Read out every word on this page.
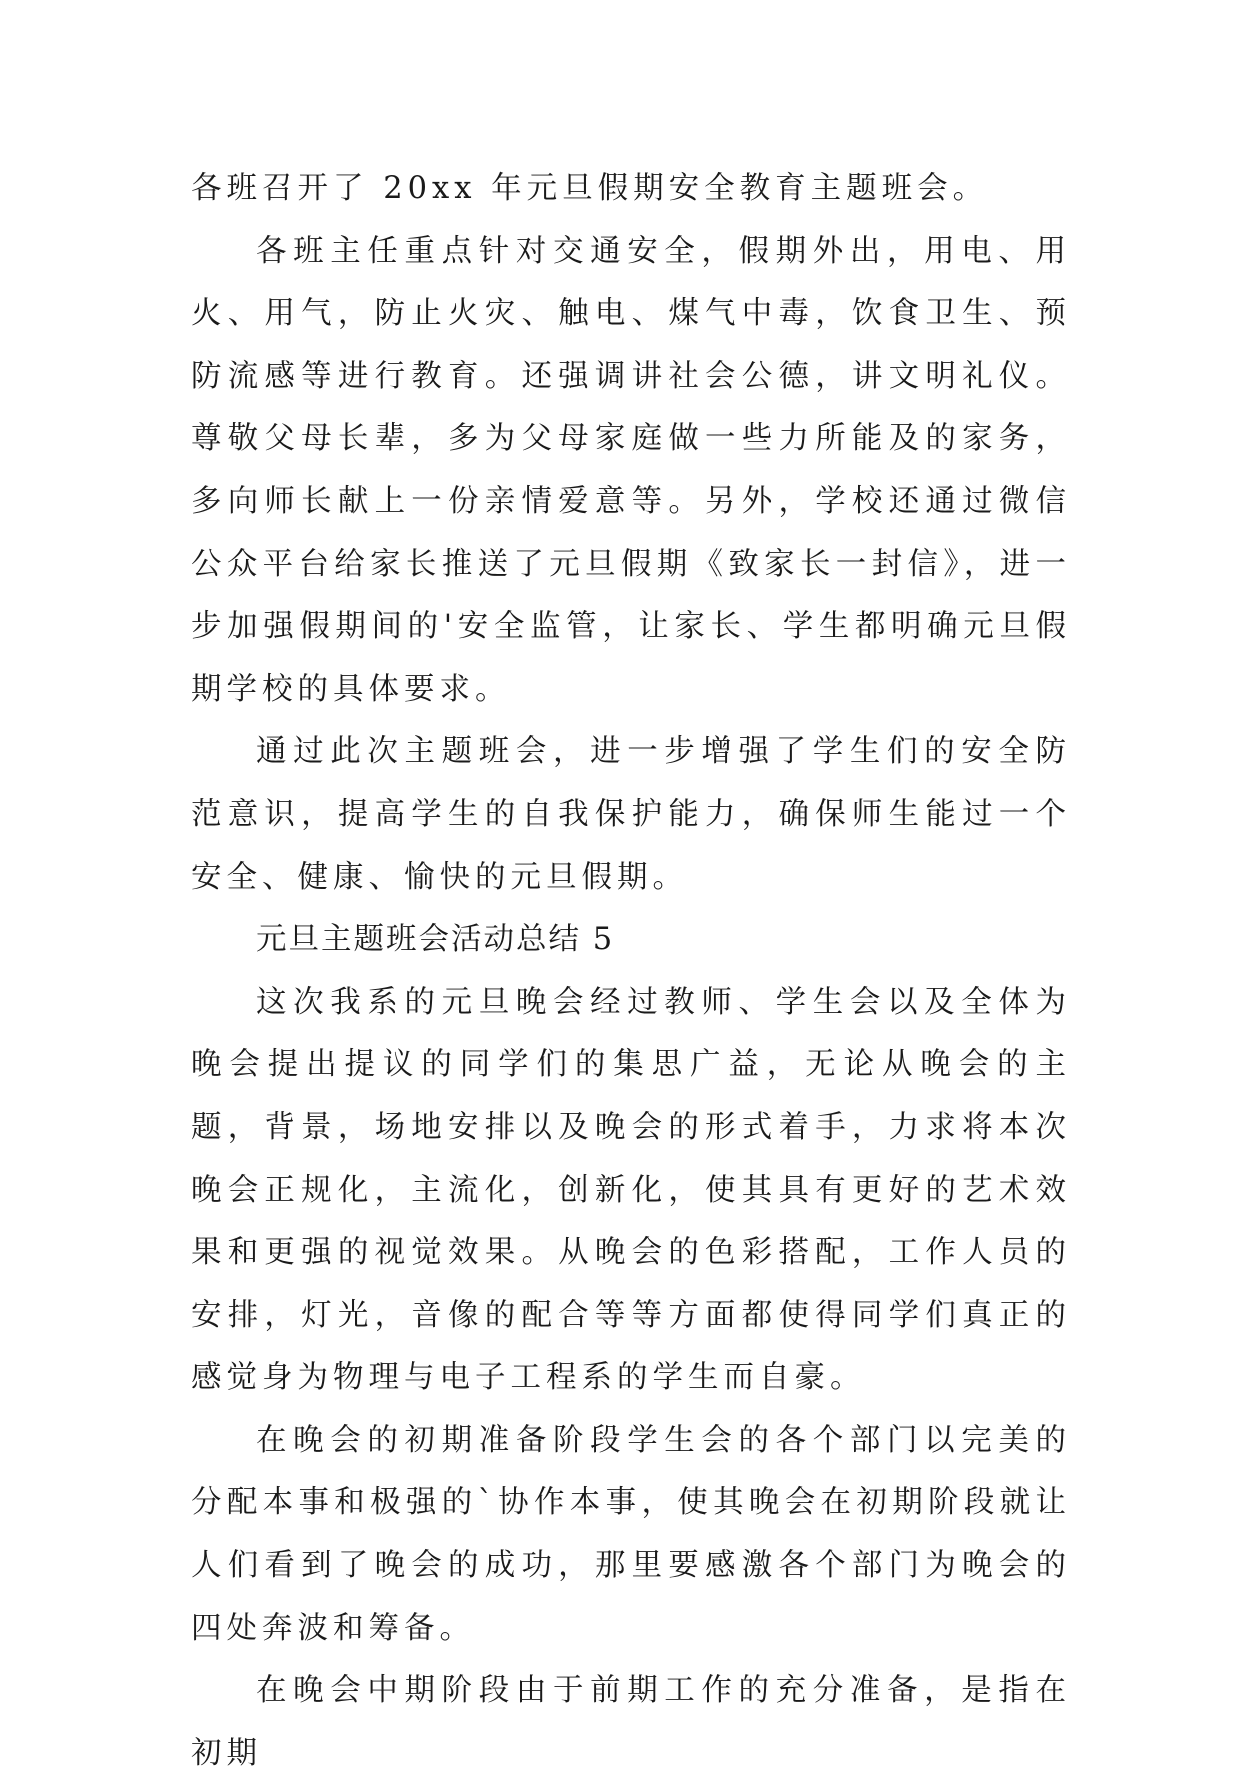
各班召开了 20xx 年元旦假期安全教育主题班会。

各班主任重点针对交通安全，假期外出，用电、用火、用气，防止火灾、触电、煤气中毒，饮食卫生、预防流感等进行教育。还强调讲社会公德，讲文明礼仪。尊敬父母长辈，多为父母家庭做一些力所能及的家务，多向师长献上一份亲情爱意等。另外，学校还通过微信公众平台给家长推送了元旦假期《致家长一封信》，进一步加强假期间的'安全监管，让家长、学生都明确元旦假期学校的具体要求。

通过此次主题班会，进一步增强了学生们的安全防范意识，提高学生的自我保护能力，确保师生能过一个安全、健康、愉快的元旦假期。

元旦主题班会活动总结 5

这次我系的元旦晚会经过教师、学生会以及全体为晚会提出提议的同学们的集思广益，无论从晚会的主题，背景，场地安排以及晚会的形式着手，力求将本次晚会正规化，主流化，创新化，使其具有更好的艺术效果和更强的视觉效果。从晚会的色彩搭配，工作人员的安排，灯光，音像的配合等等方面都使得同学们真正的感觉身为物理与电子工程系的学生而自豪。

在晚会的初期准备阶段学生会的各个部门以完美的分配本事和极强的`协作本事，使其晚会在初期阶段就让人们看到了晚会的成功，那里要感激各个部门为晚会的四处奔波和筹备。

在晚会中期阶段由于前期工作的充分准备，是指在初期
